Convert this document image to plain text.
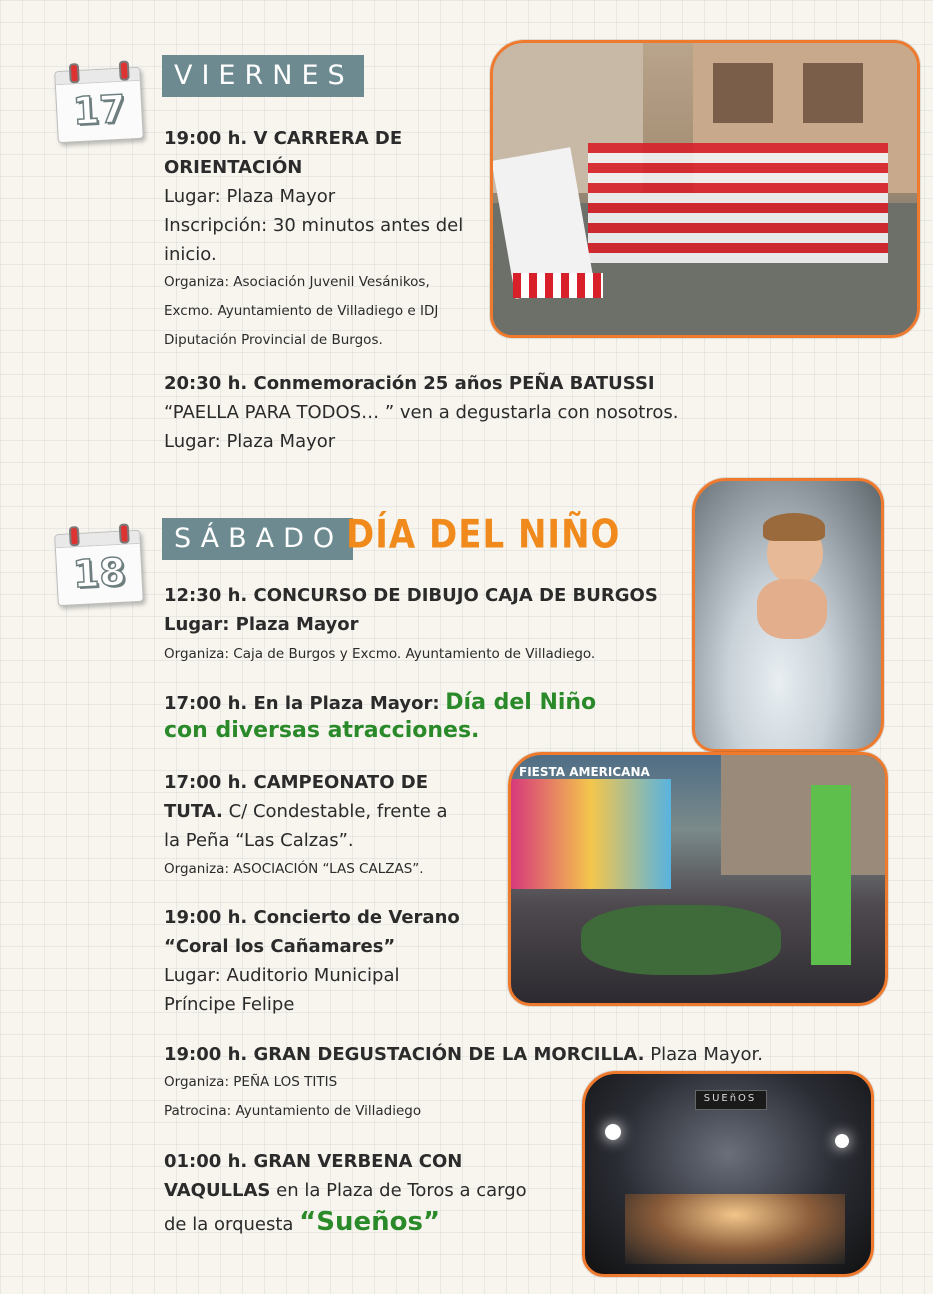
17
VIERNES
19:00 h. V CARRERA DE
ORIENTACIÓN
Lugar: Plaza Mayor
Inscripción: 30 minutos antes del
inicio.
Organiza: Asociación Juvenil Vesánikos,
Excmo. Ayuntamiento de Villadiego e IDJ
Diputación Provincial de Burgos.
20:30 h. Conmemoración 25 años PEÑA BATUSSI
“PAELLA PARA TODOS… ” ven a degustarla con nosotros.
Lugar: Plaza Mayor
18
SÁBADO DÍA DEL NIÑO
12:30 h. CONCURSO DE DIBUJO CAJA DE BURGOS
Lugar: Plaza Mayor
Organiza: Caja de Burgos y Excmo. Ayuntamiento de Villadiego.
17:00 h. En la Plaza Mayor: Día del Niño
con diversas atracciones.
17:00 h. CAMPEONATO DE
TUTA. C/ Condestable, frente a
la Peña “Las Calzas”.
Organiza: ASOCIACIÓN “LAS CALZAS”.
19:00 h. Concierto de Verano
“Coral los Cañamares”
Lugar: Auditorio Municipal
Príncipe Felipe
19:00 h. GRAN DEGUSTACIÓN DE LA MORCILLA. Plaza Mayor.
Organiza: PEÑA LOS TITIS
Patrocina: Ayuntamiento de Villadiego
01:00 h. GRAN VERBENA CON
VAQULLAS en la Plaza de Toros a cargo
de la orquesta “Sueños”
FIESTA AMERICANA
SUEñOS
